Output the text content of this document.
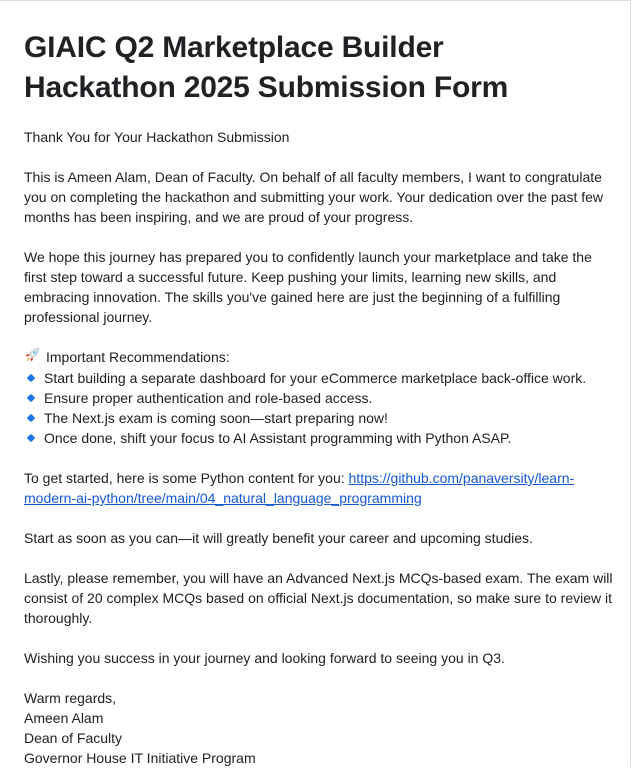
GIAIC Q2 Marketplace Builder
Hackathon 2025 Submission Form

Thank You for Your Hackathon Submission

This is Ameen Alam, Dean of Faculty. On behalf of all faculty members, I want to congratulate you on completing the hackathon and submitting your work. Your dedication over the past few months has been inspiring, and we are proud of your progress.

We hope this journey has prepared you to confidently launch your marketplace and take the first step toward a successful future. Keep pushing your limits, learning new skills, and embracing innovation. The skills you've gained here are just the beginning of a fulfilling professional journey.

Important Recommendations:
Start building a separate dashboard for your eCommerce marketplace back-office work.
Ensure proper authentication and role-based access.
The Next.js exam is coming soon—start preparing now!
Once done, shift your focus to AI Assistant programming with Python ASAP.

To get started, here is some Python content for you: https://github.com/panaversity/learn-modern-ai-python/tree/main/04_natural_language_programming

Start as soon as you can—it will greatly benefit your career and upcoming studies.

Lastly, please remember, you will have an Advanced Next.js MCQs-based exam. The exam will consist of 20 complex MCQs based on official Next.js documentation, so make sure to review it thoroughly.

Wishing you success in your journey and looking forward to seeing you in Q3.

Warm regards,
Ameen Alam
Dean of Faculty
Governor House IT Initiative Program
